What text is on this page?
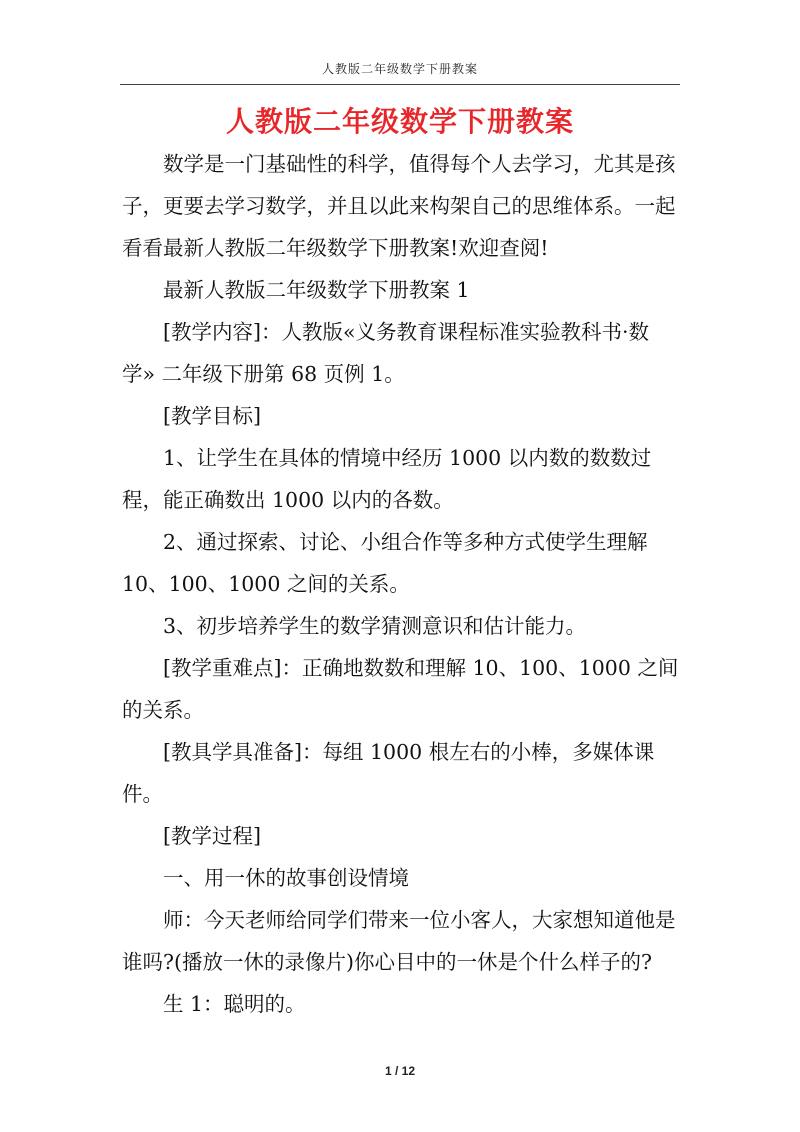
人教版二年级数学下册教案
人教版二年级数学下册教案

数学是一门基础性的科学，值得每个人去学习，尤其是孩子，更要去学习数学，并且以此来构架自己的思维体系。一起看看最新人教版二年级数学下册教案!欢迎查阅!

最新人教版二年级数学下册教案 1

[教学内容]：人教版«义务教育课程标准实验教科书·数学» 二年级下册第 68 页例 1。

[教学目标]

1、让学生在具体的情境中经历 1000 以内数的数数过程，能正确数出 1000 以内的各数。

2、通过探索、讨论、小组合作等多种方式使学生理解 10、100、1000 之间的关系。

3、初步培养学生的数学猜测意识和估计能力。

[教学重难点]：正确地数数和理解 10、100、1000 之间的关系。

[教具学具准备]：每组 1000 根左右的小棒，多媒体课件。

[教学过程]

一、用一休的故事创设情境

师：今天老师给同学们带来一位小客人，大家想知道他是谁吗?(播放一休的录像片)你心目中的一休是个什么样子的?

生 1：聪明的。

1 / 12
